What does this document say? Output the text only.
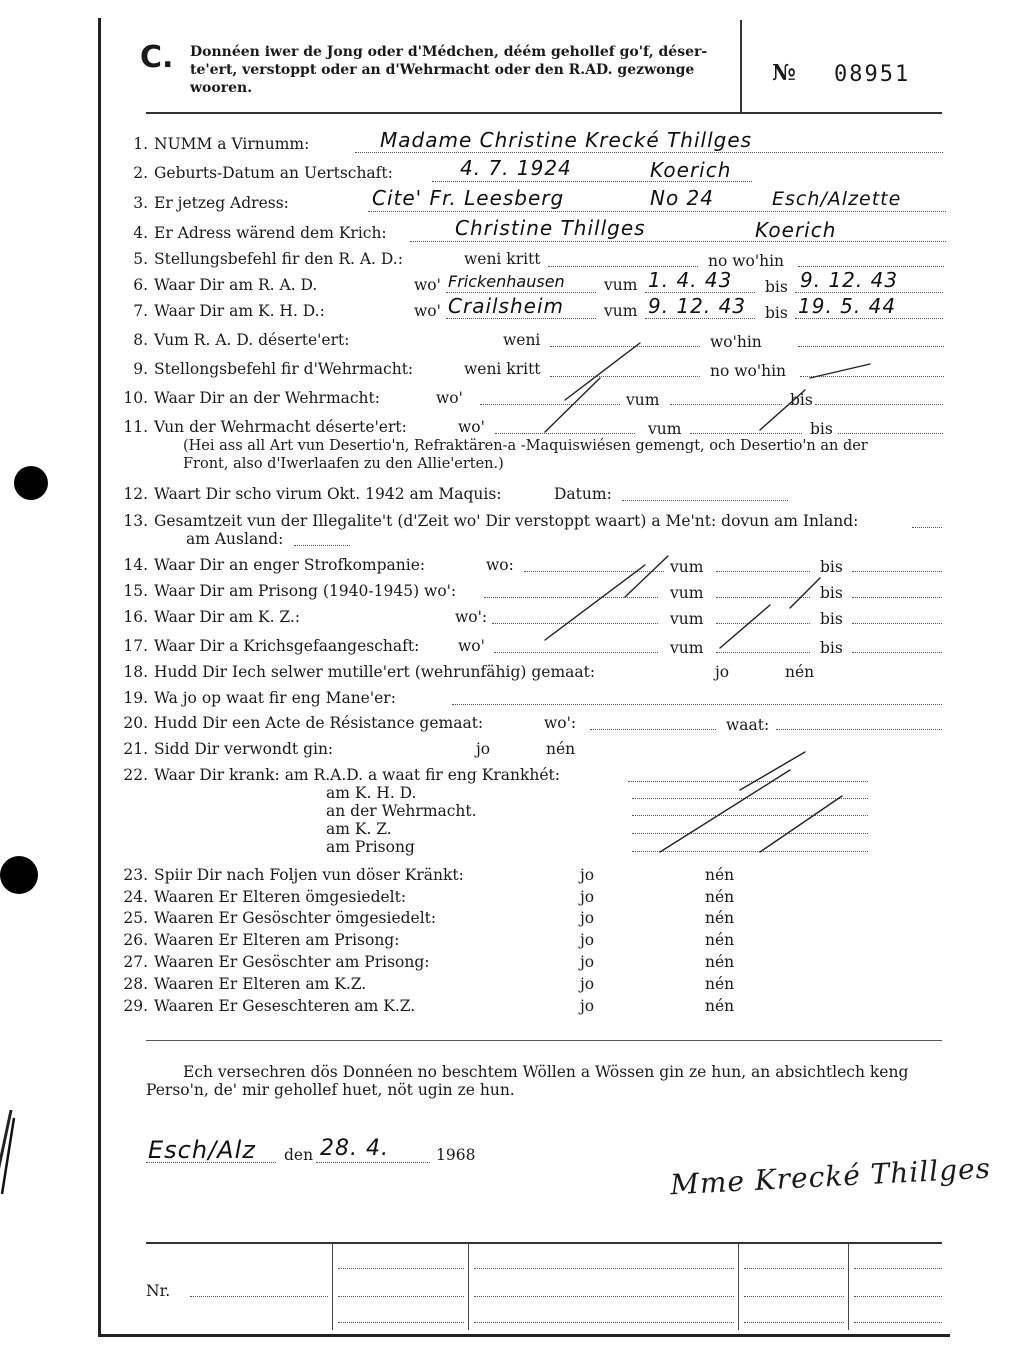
C. Donnéen iwer de Jong oder d'Médchen, déém gehollef go'f, déser-
te'ert, verstoppt oder an d'Wehrmacht oder den R.AD. gezwonge
wooren.
№ 08951
1. NUMM a Virnumm:	Madame Christine Krecké Thillges
2. Geburts-Datum an Uertschaft:	4. 7. 1924	Koerich
3. Er jetzeg Adress:	Cite' Fr. Leesberg	No 24	Esch/Alzette
4. Er Adress wärend dem Krich:	Christine Thillges	Koerich
5. Stellungsbefehl fir den R. A. D.:	weni kritt	no wo'hin
6. Waar Dir am R. A. D.	wo' Frickenhausen	vum 1. 4. 43 bis 9. 12. 43
7. Waar Dir am K. H. D.:	wo' Crailsheim	vum 9. 12. 43 bis 19. 5. 44
8. Vum R. A. D. déserte'ert:	weni	wo'hin
9. Stellongsbefehl fir d'Wehrmacht:	weni kritt	no wo'hin
10. Waar Dir an der Wehrmacht:	wo'	vum	bis
11. Vun der Wehrmacht déserte'ert:	wo'	vum	bis
(Hei ass all Art vun Desertio'n, Refraktären-a -Maquiswiésen gemengt, och Desertio'n an der
Front, also d'Iwerlaafen zu den Allie'erten.)
12. Waart Dir scho virum Okt. 1942 am Maquis:	Datum:
13. Gesamtzeit vun der Illegalite't (d'Zeit wo' Dir verstoppt waart) a Me'nt: dovun am Inland:
am Ausland:
14. Waar Dir an enger Strofkompanie:	wo:	vum	bis
15. Waar Dir am Prisong (1940-1945) wo':	vum	bis
16. Waar Dir am K. Z.:	wo':	vum	bis
17. Waar Dir a Krichsgefaangeschaft: wo'	vum	bis
18. Hudd Dir Iech selwer mutille'ert (wehrunfähig) gemaat:	jo	nén
19. Wa jo op waat fir eng Mane'er:
20. Hudd Dir een Acte de Résistance gemaat:	wo':	waat:
21. Sidd Dir verwondt gin:	jo	nén
22. Waar Dir krank: am R.A.D. a waat fir eng Krankhét:
am K. H. D.
an der Wehrmacht.
am K. Z.
am Prisong
23. Spiir Dir nach Foljen vun döser Kränkt:	jo	nén
24. Waaren Er Elteren ömgesiedelt:	jo	nén
25. Waaren Er Gesöschter ömgesiedelt:	jo	nén
26. Waaren Er Elteren am Prisong:	jo	nén
27. Waaren Er Gesöschter am Prisong:	jo	nén
28. Waaren Er Elteren am K.Z.	jo	nén
29. Waaren Er Geseschteren am K.Z.	jo	nén
Ech versechren dös Donnéen no beschtem Wöllen a Wössen gin ze hun, an absichtlech keng
Perso'n, de' mir gehollef huet, nöt ugin ze hun.
Esch/Alz den 28. 4.	1968	Mme Krecké Thillges
Nr.
